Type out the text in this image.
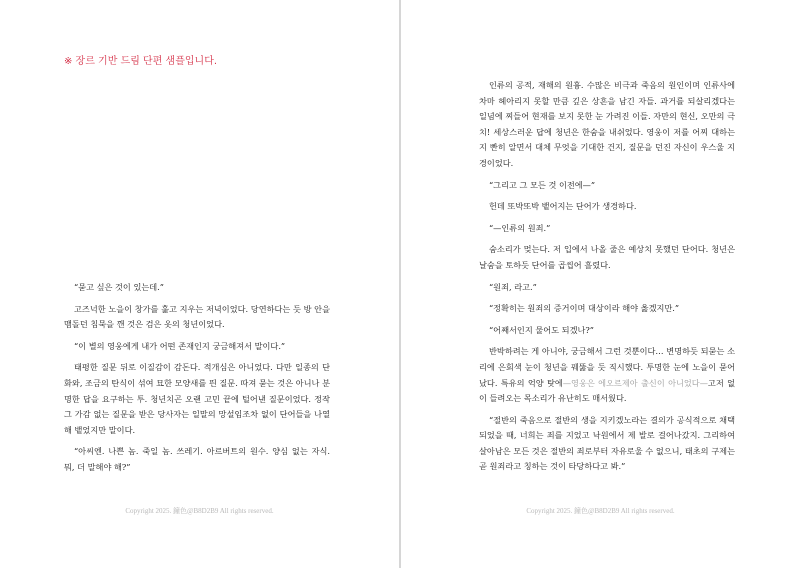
※ 장르 기반 드림 단편 샘플입니다.

“묻고 싶은 것이 있는데.”

고즈넉한 노을이 창가를 훑고 지우는 저녁이었다. 당연하다는 듯 방 안을 맴돌던 침묵을 깬 것은 검은 옷의 청년이었다.

“이 별의 영웅에게 내가 어떤 존재인지 궁금해져서 말이다.”

태평한 질문 뒤로 이질감이 감돈다. 적개심은 아니었다. 다만 일종의 단화와, 조금의 탄식이 섞여 묘한 모양새를 띈 질문. 따져 묻는 것은 아니나 분명한 답을 요구하는 투. 청년치곤 오랜 고민 끝에 털어낸 질문이었다. 정작 그 가감 없는 질문을 받은 당사자는 일말의 망설임조차 없이 단어들을 나열해 뱉었지만 말이다.

“아씨엔. 나쁜 놈. 죽일 놈. 쓰레기. 아르버트의 원수. 양심 없는 자식. 뭐, 더 말해야 해?”

Copyright 2025. 鐘色@B8D2B9 All rights reserved.

인류의 공적, 재해의 원흉. 수많은 비극과 죽음의 원인이며 인류사에 차마 헤아리지 못할 만큼 깊은 상흔을 남긴 자들. 과거를 되살리겠다는 일념에 찌들어 현재를 보지 못한 눈 가려진 이들. 자만의 현신, 오만의 극치! 세상스러운 답에 청년은 한숨을 내쉬었다. 영웅이 저를 어찌 대하는지 빤히 알면서 대체 무엇을 기대한 건지, 질문을 던진 자신이 우스울 지경이었다.

“그리고 그 모든 것 이전에—”

헌데 또박또박 뱉어지는 단어가 생경하다.

“—인류의 원죄.”

숨소리가 멎는다. 저 입에서 나올 줄은 예상치 못했던 단어다. 청년은 날숨을 토하듯 단어를 곱씹어 흘렸다.

“원죄, 라고.”

“정확히는 원죄의 증거이며 대상이라 해야 옳겠지만.”

“어째서인지 물어도 되겠나?”

반박하려는 게 아니야, 궁금해서 그런 것뿐이다… 변명하듯 되묻는 소리에 은회색 눈이 청년을 꿰뚫을 듯 직시했다. 투명한 눈에 노을이 묻어났다. 특유의 억양 탓에—영웅은 에오르제아 출신이 아니었다—고저 없이 들려오는 목소리가 유난히도 매서웠다.

“절반의 죽음으로 절반의 생을 지키겠노라는 결의가 공식적으로 채택되었을 때, 너희는 죄를 지었고 낙원에서 제 발로 걸어나갔지. 그리하여 살아남은 모든 것은 절반의 죄로부터 자유로울 수 없으니, 태초의 구제는 곧 원죄라고 칭하는 것이 타당하다고 봐.”

Copyright 2025. 鐘色@B8D2B9 All rights reserved.
